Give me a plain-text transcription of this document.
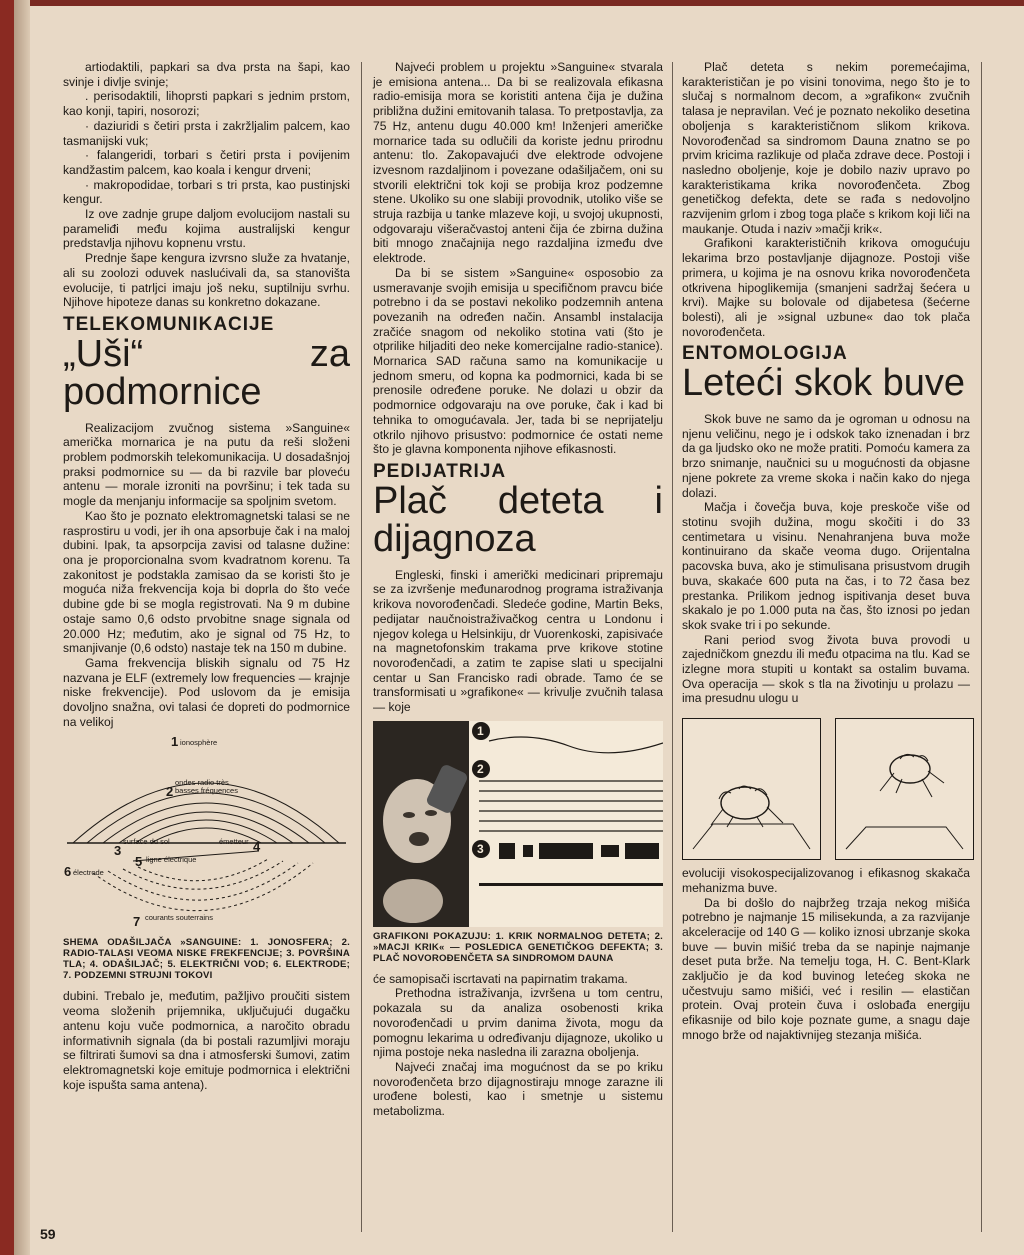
artiodaktili, papkari sa dva prsta na šapi, kao svinje i divlje svinje;

. perisodaktili, lihoprsti papkari s jednim prstom, kao konji, tapiri, nosorozi;

· daziuridi s četiri prsta i zakržljalim palcem, kao tasmanijski vuk;

· falangeridi, torbari s četiri prsta i povijenim kandžastim palcem, kao koala i kengur drveni;

· makropodidae, torbari s tri prsta, kao pustinjski kengur.

Iz ove zadnje grupe daljom evolucijom nastali su parameliđi među kojima australijski kengur predstavlja njihovu kopnenu vrstu.

Prednje šape kengura izvrsno služe za hvatanje, ali su zoolozi oduvek naslućivali da, sa stanovišta evolucije, ti patrljci imaju još neku, suptilniju svrhu. Njihove hipoteze danas su konkretno dokazane.

TELEKOMUNIKACIJE
„Uši“ za podmornice

Realizacijom zvučnog sistema »Sanguine« američka mornarica je na putu da reši složeni problem podmorskih telekomunikacija. U dosadašnjoj praksi podmornice su — da bi razvile bar ploveću antenu — morale izroniti na površinu; i tek tada su mogle da menjanju informacije sa spoljnim svetom.

Kao što je poznato elektromagnetski talasi se ne rasprostiru u vodi, jer ih ona apsorbuje čak i na maloj dubini. Ipak, ta apsorpcija zavisi od talasne dužine: ona je proporcionalna svom kvadratnom korenu. Ta zakonitost je podstakla zamisao da se koristi što je moguća niža frekvencija koja bi doprla do što veće dubine gde bi se mogla registrovati. Na 9 m dubine ostaje samo 0,6 odsto prvobitne snage signala od 20.000 Hz; međutim, ako je signal od 75 Hz, to smanjivanje (0,6 odsto) nastaje tek na 150 m dubine.

Gama frekvencija bliskih signalu od 75 Hz nazvana je ELF (extremely low frequencies — krajnje niske frekvencije). Pod uslovom da je emisija dovoljno snažna, ovi talasi će dopreti do podmornice na velikoj

1 ionosphère
2
ondes radio très
basses fréquences
3
surface du sol	4
émetteur
5 ligne électrique
6 électrode
7 courants souterrains
SHEMA ODAŠILJAČA »SANGUINE: 1. JONOSFERA; 2. RADIO-TALASI VEOMA NISKE FREKFENCIJE; 3. POVRŠINA TLA; 4. ODAŠILJAČ; 5. ELEKTRIČNI VOD; 6. ELEKTRODE; 7. PODZEMNI STRUJNI TOKOVI

dubini. Trebalo je, međutim, pažljivo proučiti sistem veoma složenih prijemnika, uključujući dugačku antenu koju vuče podmornica, a naročito obradu informativnih signala (da bi postali razumljivi moraju se filtrirati šumovi sa dna i atmosferski šumovi, zatim elektromagnetski koje emituje podmornica i električni koje ispušta sama antena).

Najveći problem u projektu »Sanguine« stvarala je emisiona antena... Da bi se realizovala efikasna radio-emisija mora se koristiti antena čija je dužina približna dužini emitovanih talasa. To pretpostavlja, za 75 Hz, antenu dugu 40.000 km! Inženjeri američke mornarice tada su odlučili da koriste jednu prirodnu antenu: tlo. Zakopavajući dve elektrode odvojene izvesnom razdaljinom i povezane odašiljačem, oni su stvorili električni tok koji se probija kroz podzemne stene. Ukoliko su one slabiji provodnik, utoliko više se struja razbija u tanke mlazeve koji, u svojoj ukupnosti, odgovaraju višeračvastoj anteni čija će zbirna dužina biti mnogo značajnija nego razdaljina između dve elektrode.

Da bi se sistem »Sanguine« osposobio za usmeravanje svojih emisija u specifičnom pravcu biće potrebno i da se postavi nekoliko podzemnih antena povezanih na određen način. Ansambl instalacija zračiće snagom od nekoliko stotina vati (što je otprilike hiljaditi deo neke komercijalne radio-stanice). Mornarica SAD računa samo na komunikacije u jednom smeru, od kopna ka podmornici, kada bi se prenosile određene poruke. Ne dolazi u obzir da podmornice odgovaraju na ove poruke, čak i kad bi tehnika to omogućavala. Jer, tada bi se neprijatelju otkrilo njihovo prisustvo: podmornice će ostati neme što je glavna komponenta njihove efikasnosti.

PEDIJATRIJA
Plač deteta i dijagnoza

Engleski, finski i američki medicinari pripremaju se za izvršenje međunarodnog programa istraživanja krikova novorođenčadi. Sledeće godine, Martin Beks, pedijatar naučnoistraživačkog centra u Londonu i njegov kolega u Helsinkiju, dr Vuorenkoski, zapisivaće na magnetofonskim trakama prve krikove stotine novorođenčadi, a zatim te zapise slati u specijalni centar u San Francisko radi obrade. Tamo će se transformisati u »grafikone« — krivulje zvučnih talasa — koje

1
2
3
GRAFIKONI POKAZUJU: 1. KRIK NORMALNOG DETETA; 2. »MACJI KRIK« — POSLEDICA GENETIČKOG DEFEKTA; 3. PLAČ NOVOROĐENČETA SA SINDROMOM DAUNA

će samopisači iscrtavati na papirnatim trakama.

Prethodna istraživanja, izvršena u tom centru, pokazala su da analiza osobenosti krika novorođenčadi u prvim danima života, mogu da pomognu lekarima u određivanju dijagnoze, ukoliko u njima postoje neka nasledna ili zarazna oboljenja.

Najveći značaj ima mogućnost da se po kriku novorođenčeta brzo dijagnostiraju mnoge zarazne ili urođene bolesti, kao i smetnje u sistemu metabolizma.

Plač deteta s nekim poremećajima, karakterističan je po visini tonovima, nego što je to slučaj s normalnom decom, a »grafikon« zvučnih talasa je nepravilan. Već je poznato nekoliko desetina oboljenja s karakterističnom slikom krikova. Novorođenčad sa sindromom Dauna znatno se po prvim kricima razlikuje od plača zdrave dece. Postoji i nasledno oboljenje, koje je dobilo naziv upravo po karakteristikama krika novorođenčeta. Zbog genetičkog defekta, dete se rađa s nedovoljno razvijenim grlom i zbog toga plače s krikom koji liči na maukanje. Otuda i naziv »mačji krik«.

Grafikoni karakterističnih krikova omogućuju lekarima brzo postavljanje dijagnoze. Postoji više primera, u kojima je na osnovu krika novorođenčeta otkrivena hipoglikemija (smanjeni sadržaj šećera u krvi). Majke su bolovale od dijabetesa (šećerne bolesti), ali je »signal uzbune« dao tok plača novorođenčeta.

ENTOMOLOGIJA
Leteći skok buve

Skok buve ne samo da je ogroman u odnosu na njenu veličinu, nego je i odskok tako iznenadan i brz da ga ljudsko oko ne može pratiti. Pomoću kamera za brzo snimanje, naučnici su u mogućnosti da objasne njene pokrete za vreme skoka i način kako do njega dolazi.

Mačja i čovečja buva, koje preskoče više od stotinu svojih dužina, mogu skočiti i do 33 centimetara u visinu. Nenahranjena buva može kontinuirano da skače veoma dugo. Orijentalna pacovska buva, ako je stimulisana prisustvom drugih buva, skakaće 600 puta na čas, i to 72 časa bez prestanka. Prilikom jednog ispitivanja deset buva skakalo je po 1.000 puta na čas, što iznosi po jedan skok svake tri i po sekunde.

Rani period svog života buva provodi u zajedničkom gnezdu ili među otpacima na tlu. Kad se izlegne mora stupiti u kontakt sa ostalim buvama. Ova operacija — skok s tla na životinju u prolazu — ima presudnu ulogu u

evoluciji visokospecijalizovanog i efikasnog skakača mehanizma buve.

Da bi došlo do najbržeg trzaja nekog mišića potrebno je najmanje 15 milisekunda, a za razvijanje akceleracije od 140 G — koliko iznosi ubrzanje skoka buve — buvin mišić treba da se napinje najmanje deset puta brže. Na temelju toga, H. C. Bent-Klark zaključio je da kod buvinog letećeg skoka ne učestvuju samo mišići, već i resilin — elastičan protein. Ovaj protein čuva i oslobađa energiju efikasnije od bilo koje poznate gume, a snagu daje mnogo brže od najaktivnijeg stezanja mišića.

59
